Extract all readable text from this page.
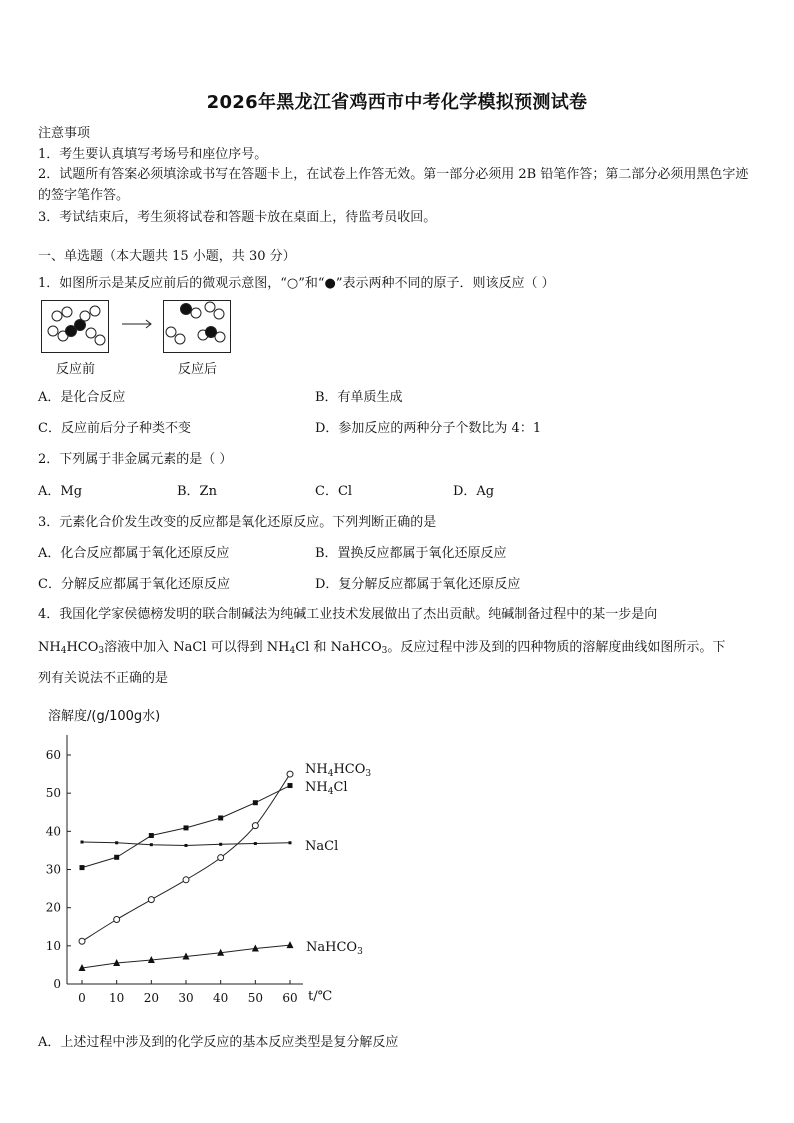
2026年黑龙江省鸡西市中考化学模拟预测试卷
注意事项
1．考生要认真填写考场号和座位序号。
2．试题所有答案必须填涂或书写在答题卡上，在试卷上作答无效。第一部分必须用 2B 铅笔作答；第二部分必须用黑色字迹的签字笔作答。
3．考试结束后，考生须将试卷和答题卡放在桌面上，待监考员收回。
一、单选题（本大题共 15 小题，共 30 分）
1．如图所示是某反应前后的微观示意图，“○”和“●”表示两种不同的原子．则该反应（ ）
反应前	反应后
A．是化合反应	B．有单质生成
C．反应前后分子种类不变	D．参加反应的两种分子个数比为 4：1
2．下列属于非金属元素的是（ ）
A．Mg	B．Zn	C．Cl	D．Ag
3．元素化合价发生改变的反应都是氧化还原反应。下列判断正确的是
A．化合反应都属于氧化还原反应	B．置换反应都属于氧化还原反应
C．分解反应都属于氧化还原反应	D．复分解反应都属于氧化还原反应
4．我国化学家侯德榜发明的联合制碱法为纯碱工业技术发展做出了杰出贡献。纯碱制备过程中的某一步是向
$NH_4HCO_3$溶液中加入 NaCl 可以得到 $NH_4Cl$ 和 NaHCO$_3$。反应过程中涉及到的四种物质的溶解度曲线如图所示。下
列有关说法不正确的是
溶解度/(g/100g水)
t/℃
0
10
20
30
40
50
60
0 10 20 30 40 50 60
$NH_4HCO_3$
$NH_4Cl$
NaCl
NaHCO$_3$
A．上述过程中涉及到的化学反应的基本反应类型是复分解反应
